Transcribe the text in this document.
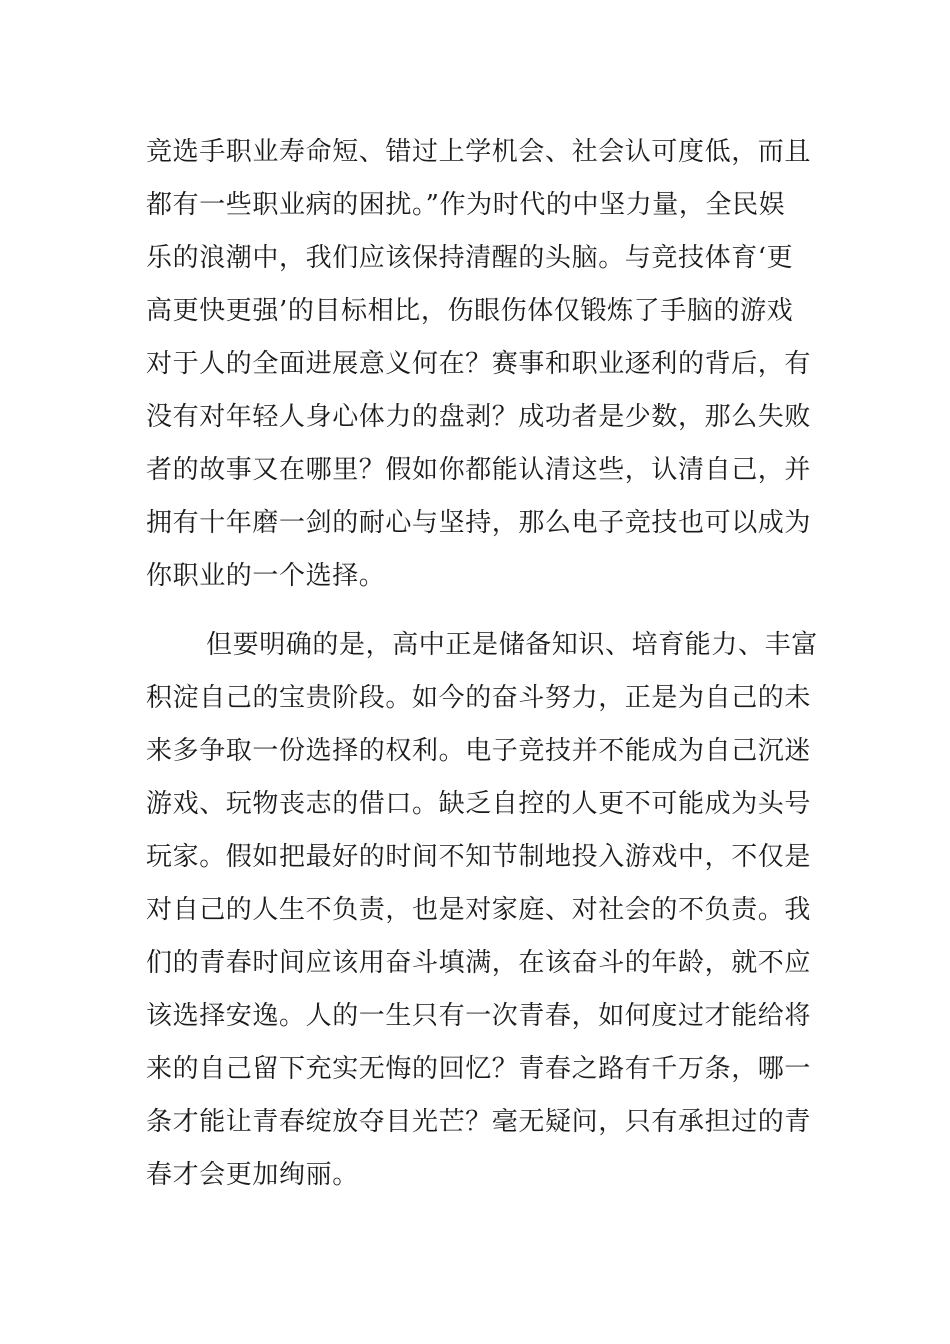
竞选手职业寿命短、错过上学机会、社会认可度低，而且
都有一些职业病的困扰。”作为时代的中坚力量，全民娱
乐的浪潮中，我们应该保持清醒的头脑。与竞技体育‘更
高更快更强’的目标相比，伤眼伤体仅锻炼了手脑的游戏
对于人的全面进展意义何在？赛事和职业逐利的背后，有
没有对年轻人身心体力的盘剥？成功者是少数，那么失败
者的故事又在哪里？假如你都能认清这些，认清自己，并
拥有十年磨一剑的耐心与坚持，那么电子竞技也可以成为
你职业的一个选择。
但要明确的是，高中正是储备知识、培育能力、丰富
积淀自己的宝贵阶段。如今的奋斗努力，正是为自己的未
来多争取一份选择的权利。电子竞技并不能成为自己沉迷
游戏、玩物丧志的借口。缺乏自控的人更不可能成为头号
玩家。假如把最好的时间不知节制地投入游戏中，不仅是
对自己的人生不负责，也是对家庭、对社会的不负责。我
们的青春时间应该用奋斗填满，在该奋斗的年龄，就不应
该选择安逸。人的一生只有一次青春，如何度过才能给将
来的自己留下充实无悔的回忆？青春之路有千万条，哪一
条才能让青春绽放夺目光芒？毫无疑问，只有承担过的青
春才会更加绚丽。
